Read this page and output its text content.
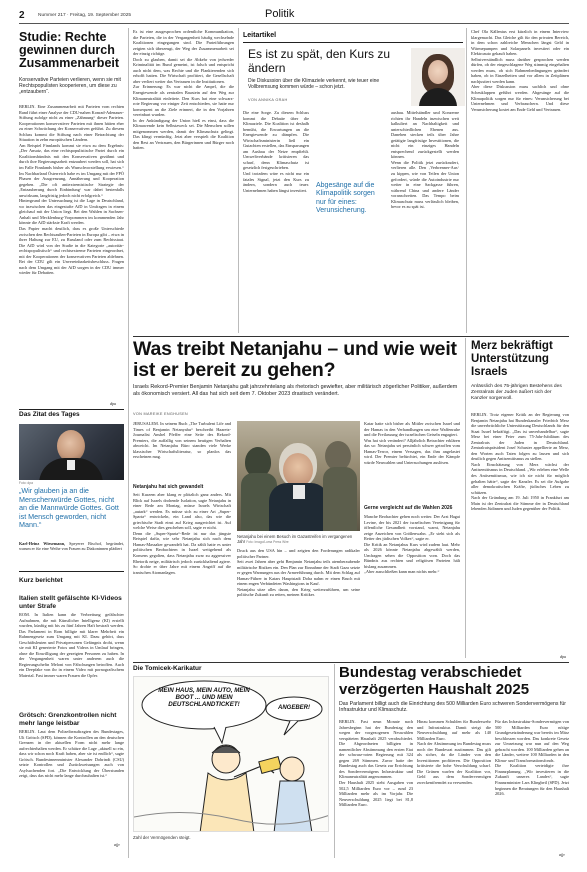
2	Nummer 217 · Freitag, 19. September 2025	Politik
Studie: Rechte gewinnen durch Zusammenarbeit
Konservative Parteien verlieren, wenn sie mit Rechtspopulisten kooperieren, um diese zu „entzaubern“.
BERLIN. Eine Zusammenarbeit mit Parteien vom rechten Rand führt einer Analyse der CDU-nahen Konrad-Adenauer-Stiftung zufolge nicht zu einer „Zähmung“ dieser Parteien. Kooperationen konservativer Parteien mit ihnen hätten eher zu einer Schwächung der Konservativen geführt. Zu diesem Schluss kommt die Stiftung nach einer Betrachtung der Situation in zehn europäischen Ländern.
Am Beispiel Finnlands kommt sie etwa zu dem Ergebnis: „Der Ansatz, das eine rechtspopulistische Partei durch ein Koalitionsbündnis mit den Konservativen gezähmt und durch ihre Regierungsarbeit entzaubert werden soll, hat sich im Falle Finnlands bisher als Wunschvorstellung erwiesen.“ Im Nachbarland Österreich habe es im Umgang mit der FPÖ Phasen der Ausgrenzung, Annäherung und Kooperation gegeben. „Die oft antiextremistische Strategie der ‚Entzauberung durch Einbindung‘ war dabei bestenfalls unwirksam, langfristig jedoch nicht erfolgreich.“
Hintergrund der Untersuchung ist die Lage in Deutschland, wo inzwischen das eingestufte AfD in Umfragen in einem gleichauf mit der Union liegt. Bei den Wahlen in Sachsen-Anhalt und Mecklenburg-Vorpommern im kommenden Jahr könnte die AfD stärkste Kraft werden.
Das Papier macht deutlich, dass es große Unterschiede zwischen den Rechtsaußen-Parteien in Europa gibt – etwa in ihrer Haltung zur EU, zu Russland oder zum Rechtsstaat. Die AfD wird von der Studie in die Kategorie „autoritär-rechtspopulistisch“ und rechtsextreme Parteien eingeordnet, mit der Kooperationen der konservativen Parteien ablehnen. Bei der CDU gilt ein Unvereinbarkeitsbeschluss. Fragen nach dem Umgang mit der AfD sorgen in der CDU immer wieder für Debatten.
dpa
Das Zitat des Tages
Foto: dpa
„Wir glauben ja an die Menschenwürde Gottes, nicht an die Mannwürde Gottes. Gott ist Mensch geworden, nicht Mann.“
Karl-Heinz Wiesemann, Speyerer Bischof, begründet, warum er für eine Weihe von Frauen zu Diakoninnen plädiert
Kurz berichtet
Italien stellt gefälschte KI-Videos unter Strafe
ROM. In Italien kann die Verbreitung gefälschter Aufnahmen, die mit Künstlicher Intelligenz (KI) erstellt wurden, künftig mit bis zu fünf Jahren Haft bestraft werden. Das Parlament in Rom billigte mit klarer Mehrheit ein Rahmengesetz zum Umgang mit KI. Dazu gehört, dass Geschäftsleuten und Privatpersonen Gefängnis droht, wenn sie mit KI generierte Fotos und Videos in Umlauf bringen, ohne die Einwilligung der gezeigten Personen zu haben. In der Vergangenheit waren unter anderem auch die Regierungschefin Meloni von Fälschungen betroffen. Auch ein Deepfake von ihr in einem Video mit pornografischem Material. Fast immer waren Frauen die Opfer.
Grötsch: Grenzkontrollen nicht mehr lange leistbar
BERLIN. Laut dem Polizeibeauftragten des Bundestages, Uli Grötsch (SPD), können die Kontrollen an den deutschen Grenzen in der aktuellen Form nicht mehr lange aufrechterhalten werden. Er schätze die Lage „aktuell so ein, dass wir schon noch Kraft haben, aber sie ist endlich“, sagte Grötsch. Bundesinnenminister Alexander Dobrindt (CSU) setzte Kontrollen und Zurückweisungen auch von Asylsuchenden fort. „Die Entwicklung der Überstunden zeigt, dass das nicht mehr lange durchzuhalten ist.“
afp
Es ist eine ausgesprochen ordentliche Kommunikation, die Parteien, die in der Vergangenheit häufig wechselnde Koalitionen eingegangen sind. Die Parteiführungen zeigten sich überzeugt, der Weg der Zusammenarbeit sei der einzig richtige.
Doch zu glauben, damit sei die Abkehr von jedweder Kriminalität im Bund gemeint, ist falsch und entspricht auch nicht dem, was Rechte und die Flankierenden sich erhofft hatten. Die Wirtschaft profitiert, die Gesellschaft aber verliert weiter das Vertrauen in die Institutionen.
Zur Erinnerung: Es war nicht die Ampel, die die Energiewende als zentralen Baustein auf den Weg zur Klimaneutralität einleitete. Den Kurs hat eine schwarz-rote Regierung vor einiger Zeit entschieden, sie hatte nur konsequent an die Ziele erinnert, die in den Vorjahren vereinbart wurden.
In der Ankündigung der Union hieß es einst, dass die Klimawende kein Selbstzweck sei. Die Menschen sollen mitgenommen werden, damit der Klimaschutz gelingt. Das klingt vernünftig. Jetzt aber verspielt die Koalition den Rest an Vertrauen, den Bürgerinnen und Bürger noch hatten.
Leitartikel
Es ist zu spät, den Kurs zu ändern
Die Diskussion über die Klimaziele verkennt, wie teuer eine Vollbremsung kommen würde – schon jetzt.
VON ANNIKA GRAH
Die eine Sorge. Zu diesem Schluss kommt die Debatte über die Klimaziele. Die Koalition ist deshalb bemüht, die Erwartungen an die Energiewende zu dämpfen. Die Wirtschaftsministerin ließ ein Gutachten erstellen, das Einsparungen am Ausbau der Netze empfiehlt. Umweltverbände kritisieren das scharf, denn Klimaschutz ist gesetzlich festgeschrieben.
Und trotzdem wäre es nicht nur ein fatales Signal, jetzt den Kurs zu ändern, sondern auch teuer. Unternehmen haben längst investiert.
Abgesänge auf die Klimapolitik sorgen nur für eines: Verunsicherung.
ausbau. Mittelständler und Konzerne richten ihr Handeln inzwischen weit kalkuliert an Nachhaltigkeit und unterschiedlichen Ebenen aus. Daneben stecken teils über Jahre getätigte langfristige Investitionen, die nicht ein einziges Handeln entsprechend zurückgestellt werden können.
Wenn die Politik jetzt zurückrudert, verlieren alle. Den ‚Verbrenner-Aus‘ zu kippen, wie von Teilen der Union gefordert, würde die Autoindustrie nur weiter in eine Sackgasse führen, während China und andere Länder voranschreiten. Das Tempo beim Klimaschutz muss verlässlich bleiben, bevor es zu spät ist.
Chef Ola Källenius erst kürzlich in einem Interview klargemacht. Das Gleiche gilt für den privaten Bereich, in dem schon zahlreiche Menschen längst Geld in Wärmepumpen und Solarpanels investiert oder ein Elektroauto gekauft haben.
Selbstverständlich muss darüber gesprochen werden dürfen, ob der eingeschlagene Weg stimmig eingehalten werden muss, ob sich Rahmenbedingungen geändert haben, ob in Einzelheiten und vor allem in Zeitplänen nachjustiert werden kann.
Aber diese Diskussion muss sachlich und ohne Scheuklappen geführt werden. Abgesänge auf die Klimapolitik sorgen nur für eines: Verunsicherung bei Unternehmen und Verbrauchern. Und diese Verunsicherung kostet am Ende Geld und Vertrauen.
Was treibt Netanjahu – und wie weit ist er bereit zu gehen?
Israels Rekord-Premier Benjamin Netanjahu galt jahrzehntelang als rhetorisch gewiefter, aber militärisch zögerlicher Politiker, außerdem als ökonomisch versiert. All das hat sich seit dem 7. Oktober 2023 drastisch verändert.
VON MAREIKE ENGHUSEN
JERUSALEM. In seinem Buch „The Turbulent Life and Times of Benjamin Netanyahu“ beschreibt Haaretz-Journalist Anshel Pfeffer eine Seite des Rekord-Premiers, die auffallig von seinem heutigen Verhalten abweicht. Im Netanjahu Büro standen viele Werke klassischer Wirtschaftsliteratur, so planlos das erscheinen mag.
Netanjahu hat sich gewandelt
Seit Kurzem aber klang er plötzlich ganz anders. Mit Blick auf Israels drohende Isolation, sagte Netanjahu in einer Rede am Montag, müsse Israels Wirtschaft „autark“ werden. Es müsse sich zu einer Art „Super-Sparta“ entwickeln, ein Land also, das wie die griechische Stadt einst auf Krieg ausgerichtet ist. Auf welche Weise dies geschehen soll, sagte er nicht.
Denn die „Super-Sparta“-Rede ist nur das jüngste Beispiel dafür, wie sehr Netanjahu sich nach dem Hamas-Massaker gewandelt hat. Da zählt hatte es unter politischen Beobachtern in Israel weitgehend als Konsens gegolten, dass Netanjahu zwar zu aggressiver Rhetorik neige, militärisch jedoch zurückhaltend agiere. So drohte er über Jahre mit einem Angriff auf die iranischen Atomanlagen.
Netanjahu bei einem Besuch im Gazastreifen im vergangenen Jahr Foto: Imago/Luma Press Wire
Druck aus den USA hin – und zeigten den Forderungen radikaler politischer Partner.
Seit zwei Jahren aber geht Benjamin Netanjahu teils atemberaubende militärische Risiken ein. Den Plan zur Einnahme der Stadt Gaza setzte er gegen Warnungen aus der Armeeführung durch. Mit dem Schlag auf Hamas-Führer in Katars Hauptstadt Doha nahm er einen Bruch mit einem engen Verbündeten Washingtons in Kauf.
Netanjahu sitze alles daran, den Krieg weiterzuführen, um seine politische Zukunft zu retten, meinen Kritiker.
Katar hatte sich bisher als Mittler zwischen Israel und der Hamas in den Verhandlungen um eine Waffenruhe und die Freilassung der israelischen Geiseln engagiert.
Was hat sich verändert? Alljährlich Betrachter erklären das so: Netanjahu sei persönlich schwer getroffen vom Hamas-Terror, einem Versagen, das ihm angelastet wird. Der Premier befürchtet, ein Ende der Kämpfe würde Neuwahlen und Untersuchungen auslösen.
Gerne vergleicht auf die Wahlen 2026
Manche Beobachter gehen noch weiter. Der Arzt Hagai Levine, der bis 2021 der israelischen Vereinigung für öffentliche Gesundheit vorstand, warnt, Netanjahu zeige Anzeichen von Größenwahn. „Er sieht sich als Retter des jüdischen Volkes“, sagte er.
Die Kritik an Netanjahus Kurs wird zudem laut. Mehr als 2026 könnte Netanjahu abgewählt werden, Umfragen sehen die Opposition vorn. Doch das Bündnis aus rechten und religiösen Parteien hält bislang zusammen.
„Aber ausschließen kann man nichts mehr.“
Merz bekräftigt Unterstützung Israels
Anlässlich des 75-jährigen Bestehens des Zentralrats der Juden äußert sich der Kanzler sorgenvoll.
BERLIN. Trotz eigener Kritik an der Regierung von Benjamin Netanjahu hat Bundeskanzler Friedrich Merz die unverbrüchliche Unterstützung Deutschlands für den Staat Israel bekräftigt. „Das ist unverhandelbar“, sagte Merz bei einer Feier zum 75-Jahr-Jubiläum des Zentralrats der Juden in Deutschland. Zentralratspräsident Josef Schuster appellierte an Merz, den Worten auch Taten folgen zu lassen und sich deutlich gegen Antisemitismus zu stellen.
Nach Einschätzung von Merz wächst der Antisemitismus in Deutschland. „Wir erleben eine Welle des Antisemitismus, wie ich sie nicht für möglich gehalten hätte“, sagte der Kanzler. Es sei die Aufgabe aller demokratischen Kräfte, jüdisches Leben zu schützen.
Nach der Gründung am 19. Juli 1950 in Frankfurt am Main ist der Zentralrat die Stimme der in Deutschland lebenden Jüdinnen und Juden gegenüber der Politik.
dpa
Die Tomicek-Karikatur
MEIN HAUS, MEIN AUTO, MEIN BOOT ... UND MEIN DEUTSCHLANDTICKET!	ANGEBER!
Zahl der Vermögenden steigt.
Bundestag verabschiedet verzögerten Haushalt 2025
Das Parlament billigt auch die Einrichtung des 500 Milliarden Euro schweren Sondervermögens für Infrastruktur und Klimaschutz.
BERLIN. Fast neun Monate nach Jahresbeginn hat der Bundestag den wegen der vorgezogenen Neuwahlen verspäteten Haushalt 2025 verabschiedet. Die Abgeordneten billigten in namentlicher Abstimmung den ersten Etat der schwarz-roten Regierung mit 324 gegen 269 Stimmen. Zuvor hatte der Bundestag auch das Gesetz zur Errichtung des Sondervermögens Infrastruktur und Klimaneutralität angenommen.
Der Haushalt 2025 sieht Ausgaben von 502,5 Milliarden Euro vor – rund 23 Milliarden mehr als im Vorjahr. Die Neuverschuldung 2025 liegt bei 81,8 Milliarden Euro.
Hinzu kommen Schulden für Bundeswehr und Infrastruktur. Damit steigt die Neuverschuldung auf mehr als 140 Milliarden Euro.
Nach der Abstimmung im Bundestag muss noch der Bundesrat zustimmen. Das gilt als sicher, da die Länder von den Investitionen profitieren. Die Opposition kritisierte die hohe Verschuldung scharf. Die Grünen warfen der Koalition vor, Geld aus dem Sondervermögen zweckentfremdet zu verwenden.
Für das Infrastruktur-Sondervermögen von 500 Milliarden Euro nötige Grundgesetzänderung war bereits im März beschlossen worden. Das konkrete Gesetz zur Umsetzung war nun auf den Weg gebracht worden. 100 Milliarden gehen an die Länder, weitere 100 Milliarden in den Klima- und Transformationsfonds.
Die Koalition verteidigte ihre Finanzplanung. „Wir investieren in die Zukunft unseres Landes“, sagte Finanzminister Lars Klingbeil (SPD). Jetzt beginnen die Beratungen für den Haushalt 2026.
afp
